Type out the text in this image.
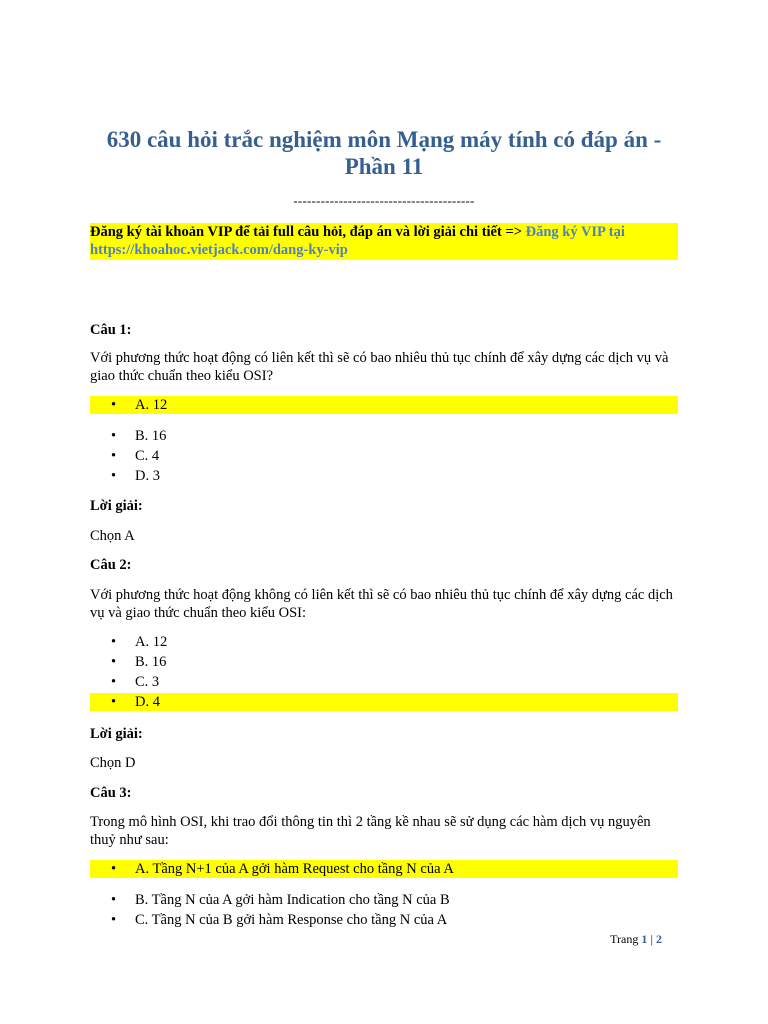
630 câu hỏi trắc nghiệm môn Mạng máy tính có đáp án - Phần 11
----------------------------------------
Đăng ký tài khoản VIP để tải full câu hỏi, đáp án và lời giải chi tiết => Đăng ký VIP tại https://khoahoc.vietjack.com/dang-ky-vip
Câu 1:
Với phương thức hoạt động có liên kết thì sẽ có bao nhiêu thủ tục chính để xây dựng các dịch vụ và giao thức chuẩn theo kiểu OSI?
• A. 12
• B. 16
• C. 4
• D. 3
Lời giải:
Chọn A
Câu 2:
Với phương thức hoạt động không có liên kết thì sẽ có bao nhiêu thủ tục chính để xây dựng các dịch vụ và giao thức chuẩn theo kiểu OSI:
• A. 12
• B. 16
• C. 3
• D. 4
Lời giải:
Chọn D
Câu 3:
Trong mô hình OSI, khi trao đổi thông tin thì 2 tầng kề nhau sẽ sử dụng các hàm dịch vụ nguyên thuỷ như sau:
• A. Tầng N+1 của A gởi hàm Request cho tầng N của A
• B. Tầng N của A gởi hàm Indication cho tầng N của B
• C. Tầng N của B gởi hàm Response cho tầng N của A
Trang 1 | 2
